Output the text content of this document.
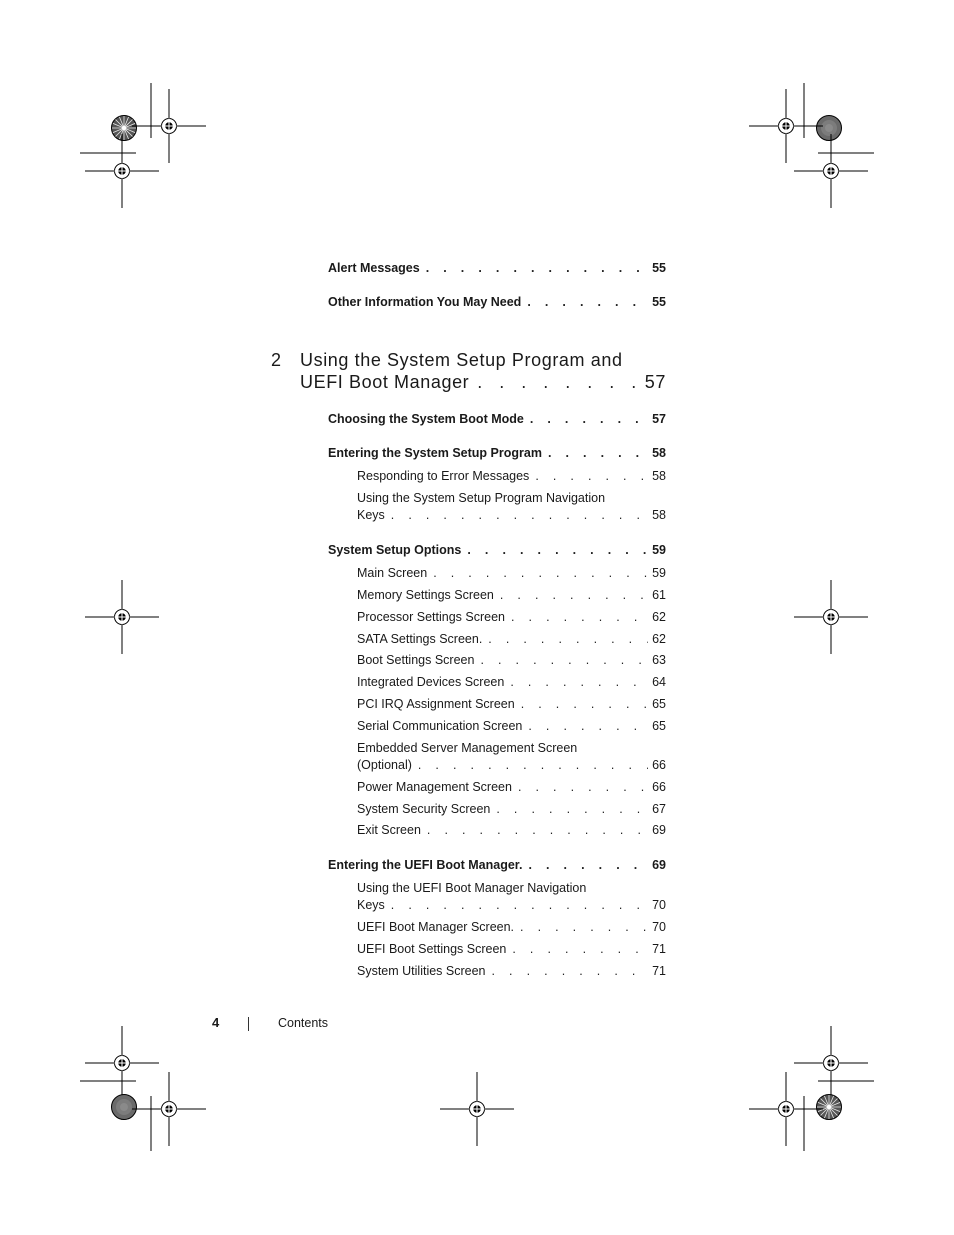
Alert Messages . . .	55
Other Information You May Need . . .	55
2 Using the System Setup Program and
UEFI Boot Manager . . .	57
Choosing the System Boot Mode . . .	57
Entering the System Setup Program . . .	58
Responding to Error Messages . . .	58
Using the System Setup Program Navigation
Keys . . .	58
System Setup Options . . .	59
Main Screen . . .	59
Memory Settings Screen . . .	61
Processor Settings Screen . . .	62
SATA Settings Screen. . . .	62
Boot Settings Screen . . .	63
Integrated Devices Screen . . .	64
PCI IRQ Assignment Screen . . .	65
Serial Communication Screen . . .	65
Embedded Server Management Screen
(Optional) . . .	66
Power Management Screen . . .	66
System Security Screen . . .	67
Exit Screen . . .	69
Entering the UEFI Boot Manager. . . .	69
Using the UEFI Boot Manager Navigation
Keys . . .	70
UEFI Boot Manager Screen. . . .	70
UEFI Boot Settings Screen . . .	71
System Utilities Screen . . .	71
4	Contents
